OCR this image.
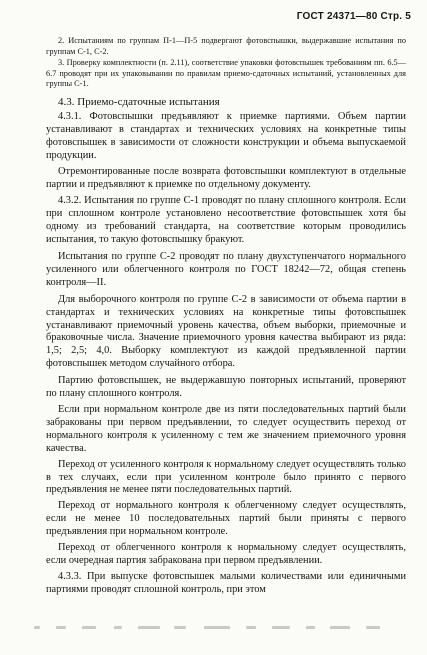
ГОСТ 24371—80 Стр. 5

2. Испытаниям по группам П-1—П-5 подвергают фотовспышки, выдержавшие испытания по группам С-1, С-2.

3. Проверку комплектности (п. 2.11), соответствие упаковки фотовспышек требованиям пп. 6.5—6.7 проводят при их упаковывании по правилам приемо-сдаточных испытаний, установленных для группы С-1.

4.3. Приемо-сдаточные испытания

4.3.1. Фотовспышки предъявляют к приемке партиями. Объем партии устанавливают в стандартах и технических условиях на конкретные типы фотовспышек в зависимости от сложности конструкции и объема выпускаемой продукции.

Отремонтированные после возврата фотовспышки комплектуют в отдельные партии и предъявляют к приемке по отдельному документу.

4.3.2. Испытания по группе С-1 проводят по плану сплошного контроля. Если при сплошном контроле установлено несоответствие фотовспышек хотя бы одному из требований стандарта, на соответствие которым проводились испытания, то такую фотовспышку бракуют.

Испытания по группе С-2 проводят по плану двухступенчатого нормального усиленного или облегченного контроля по ГОСТ 18242—72, общая степень контроля—II.

Для выборочного контроля по группе С-2 в зависимости от объема партии в стандартах и технических условиях на конкретные типы фотовспышек устанавливают приемочный уровень качества, объем выборки, приемочные и браковочные числа. Значение приемочного уровня качества выбирают из ряда: 1,5; 2,5; 4,0. Выборку комплектуют из каждой предъявленной партии фотовспышек методом случайного отбора.

Партию фотовспышек, не выдержавшую повторных испытаний, проверяют по плану сплошного контроля.

Если при нормальном контроле две из пяти последовательных партий были забракованы при первом предъявлении, то следует осуществить переход от нормального контроля к усиленному с тем же значением приемочного уровня качества.

Переход от усиленного контроля к нормальному следует осуществлять только в тех случаях, если при усиленном контроле было принято с первого предъявления не менее пяти последовательных партий.

Переход от нормального контроля к облегченному следует осуществлять, если не менее 10 последовательных партий были приняты с первого предъявления при нормальном контроле.

Переход от облегченного контроля к нормальному следует осуществлять, если очередная партия забракована при первом предъявлении.

4.3.3. При выпуске фотовспышек малыми количествами или единичными партиями проводят сплошной контроль, при этом
